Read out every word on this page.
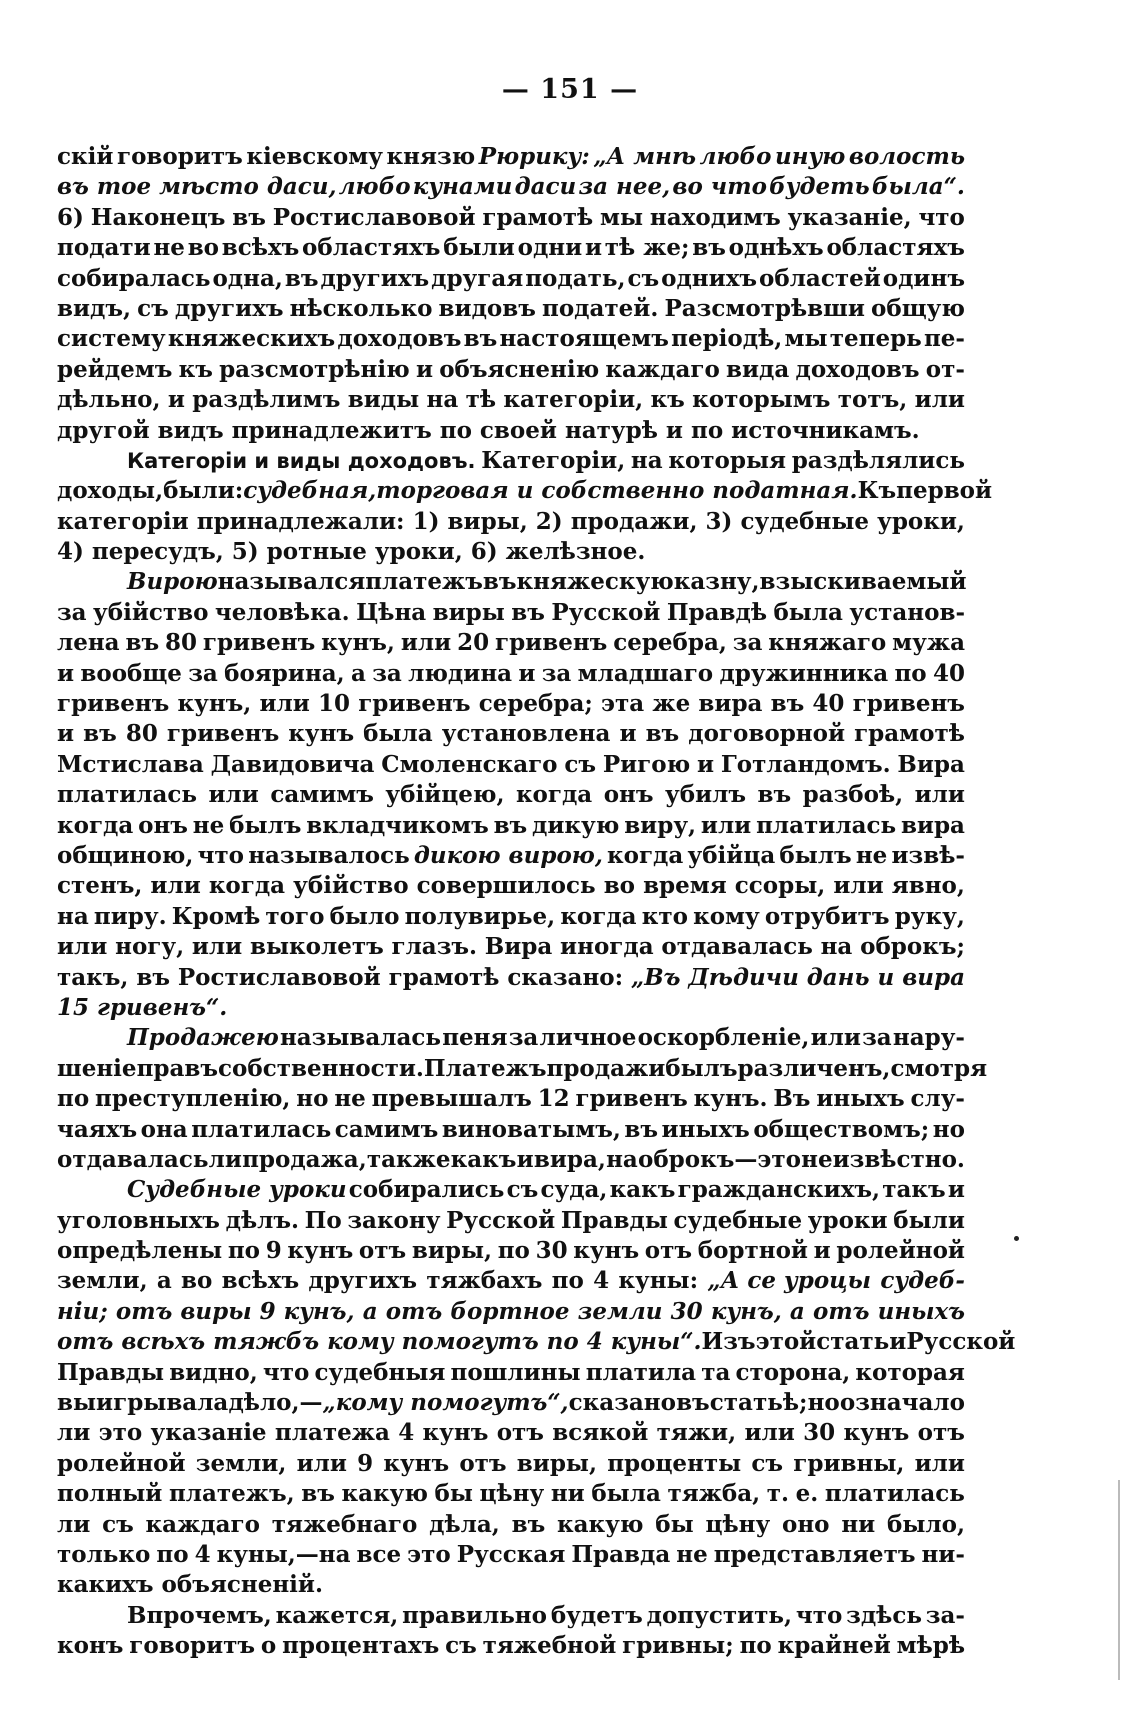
— 151 —
скій говоритъ кіевскому князю Рюрику: „А мнѣ любо иную волость
въ тое мѣсто даси, любо кунами даси за нее, во что будеть была“.
6) Наконецъ въ Ростиславовой грамотѣ мы находимъ указаніе, что
подати не во всѣхъ областяхъ были одни и тѣ же; въ однѣхъ областяхъ
собиралась одна, въ другихъ другая подать, съ однихъ областей одинъ
видъ, съ другихъ нѣсколько видовъ податей. Разсмотрѣвши общую
систему княжескихъ доходовъ въ настоящемъ періодѣ, мы теперь пе-
рейдемъ къ разсмотрѣнію и объясненію каждаго вида доходовъ от-
дѣльно, и раздѣлимъ виды на тѣ категоріи, къ которымъ тотъ, или
другой видъ принадлежитъ по своей натурѣ и по источникамъ.
Категоріи и виды доходовъ. Категоріи, на которыя раздѣлялись
доходы, были: судебная, торговая и собственно податная. Къ первой
категоріи принадлежали: 1) виры, 2) продажи, 3) судебные уроки,
4) пересудъ, 5) ротные уроки, 6) желѣзное.
Вирою назывался платежъ въ княжескую казну, взыскиваемый
за убійство человѣка. Цѣна виры въ Русской Правдѣ была установ-
лена въ 80 гривенъ кунъ, или 20 гривенъ серебра, за княжаго мужа
и вообще за боярина, а за людина и за младшаго дружинника по 40
гривенъ кунъ, или 10 гривенъ серебра; эта же вира въ 40 гривенъ
и въ 80 гривенъ кунъ была установлена и въ договорной грамотѣ
Мстислава Давидовича Смоленскаго съ Ригою и Готландомъ. Вира
платилась или самимъ убійцею, когда онъ убилъ въ разбоѣ, или
когда онъ не былъ вкладчикомъ въ дикую виру, или платилась вира
общиною, что называлось дикою вирою, когда убійца былъ не извѣ-
стенъ, или когда убійство совершилось во время ссоры, или явно,
на пиру. Кромѣ того было полувирье, когда кто кому отрубитъ руку,
или ногу, или выколетъ глазъ. Вира иногда отдавалась на оброкъ;
такъ, въ Ростиславовой грамотѣ сказано: „Въ Дѣдичи дань и вира
15 гривенъ“.
Продажею называлась пеня за личное оскорбленіе, или за нару-
шеніе правъ собственности. Платежъ продажи былъ различенъ, смотря
по преступленію, но не превышалъ 12 гривенъ кунъ. Въ иныхъ слу-
чаяхъ она платилась самимъ виноватымъ, въ иныхъ обществомъ; но
отдавалась ли продажа, также какъ и вира, на оброкъ—это неизвѣстно.
Судебные уроки собирались съ суда, какъ гражданскихъ, такъ и
уголовныхъ дѣлъ. По закону Русской Правды судебные уроки были
опредѣлены по 9 кунъ отъ виры, по 30 кунъ отъ бортной и ролейной
земли, а во всѣхъ другихъ тяжбахъ по 4 куны: „А се уроцы судеб-
нiи; отъ виры 9 кунъ, а отъ бортное земли 30 кунъ, а отъ иныхъ
отъ всѣхъ тяжбъ кому помогутъ по 4 куны“. Изъ этой статьи Русской
Правды видно, что судебныя пошлины платила та сторона, которая
выигрывала дѣло,—„кому помогутъ“, сказано въ статьѣ; но означало
ли это указаніе платежа 4 кунъ отъ всякой тяжи, или 30 кунъ отъ
ролейной земли, или 9 кунъ отъ виры, проценты съ гривны, или
полный платежъ, въ какую бы цѣну ни была тяжба, т. е. платилась
ли съ каждаго тяжебнаго дѣла, въ какую бы цѣну оно ни было,
только по 4 куны,—на все это Русская Правда не представляетъ ни-
какихъ объясненій.
Впрочемъ, кажется, правильно будетъ допустить, что здѣсь за-
конъ говоритъ о процентахъ съ тяжебной гривны; по крайней мѣрѣ
